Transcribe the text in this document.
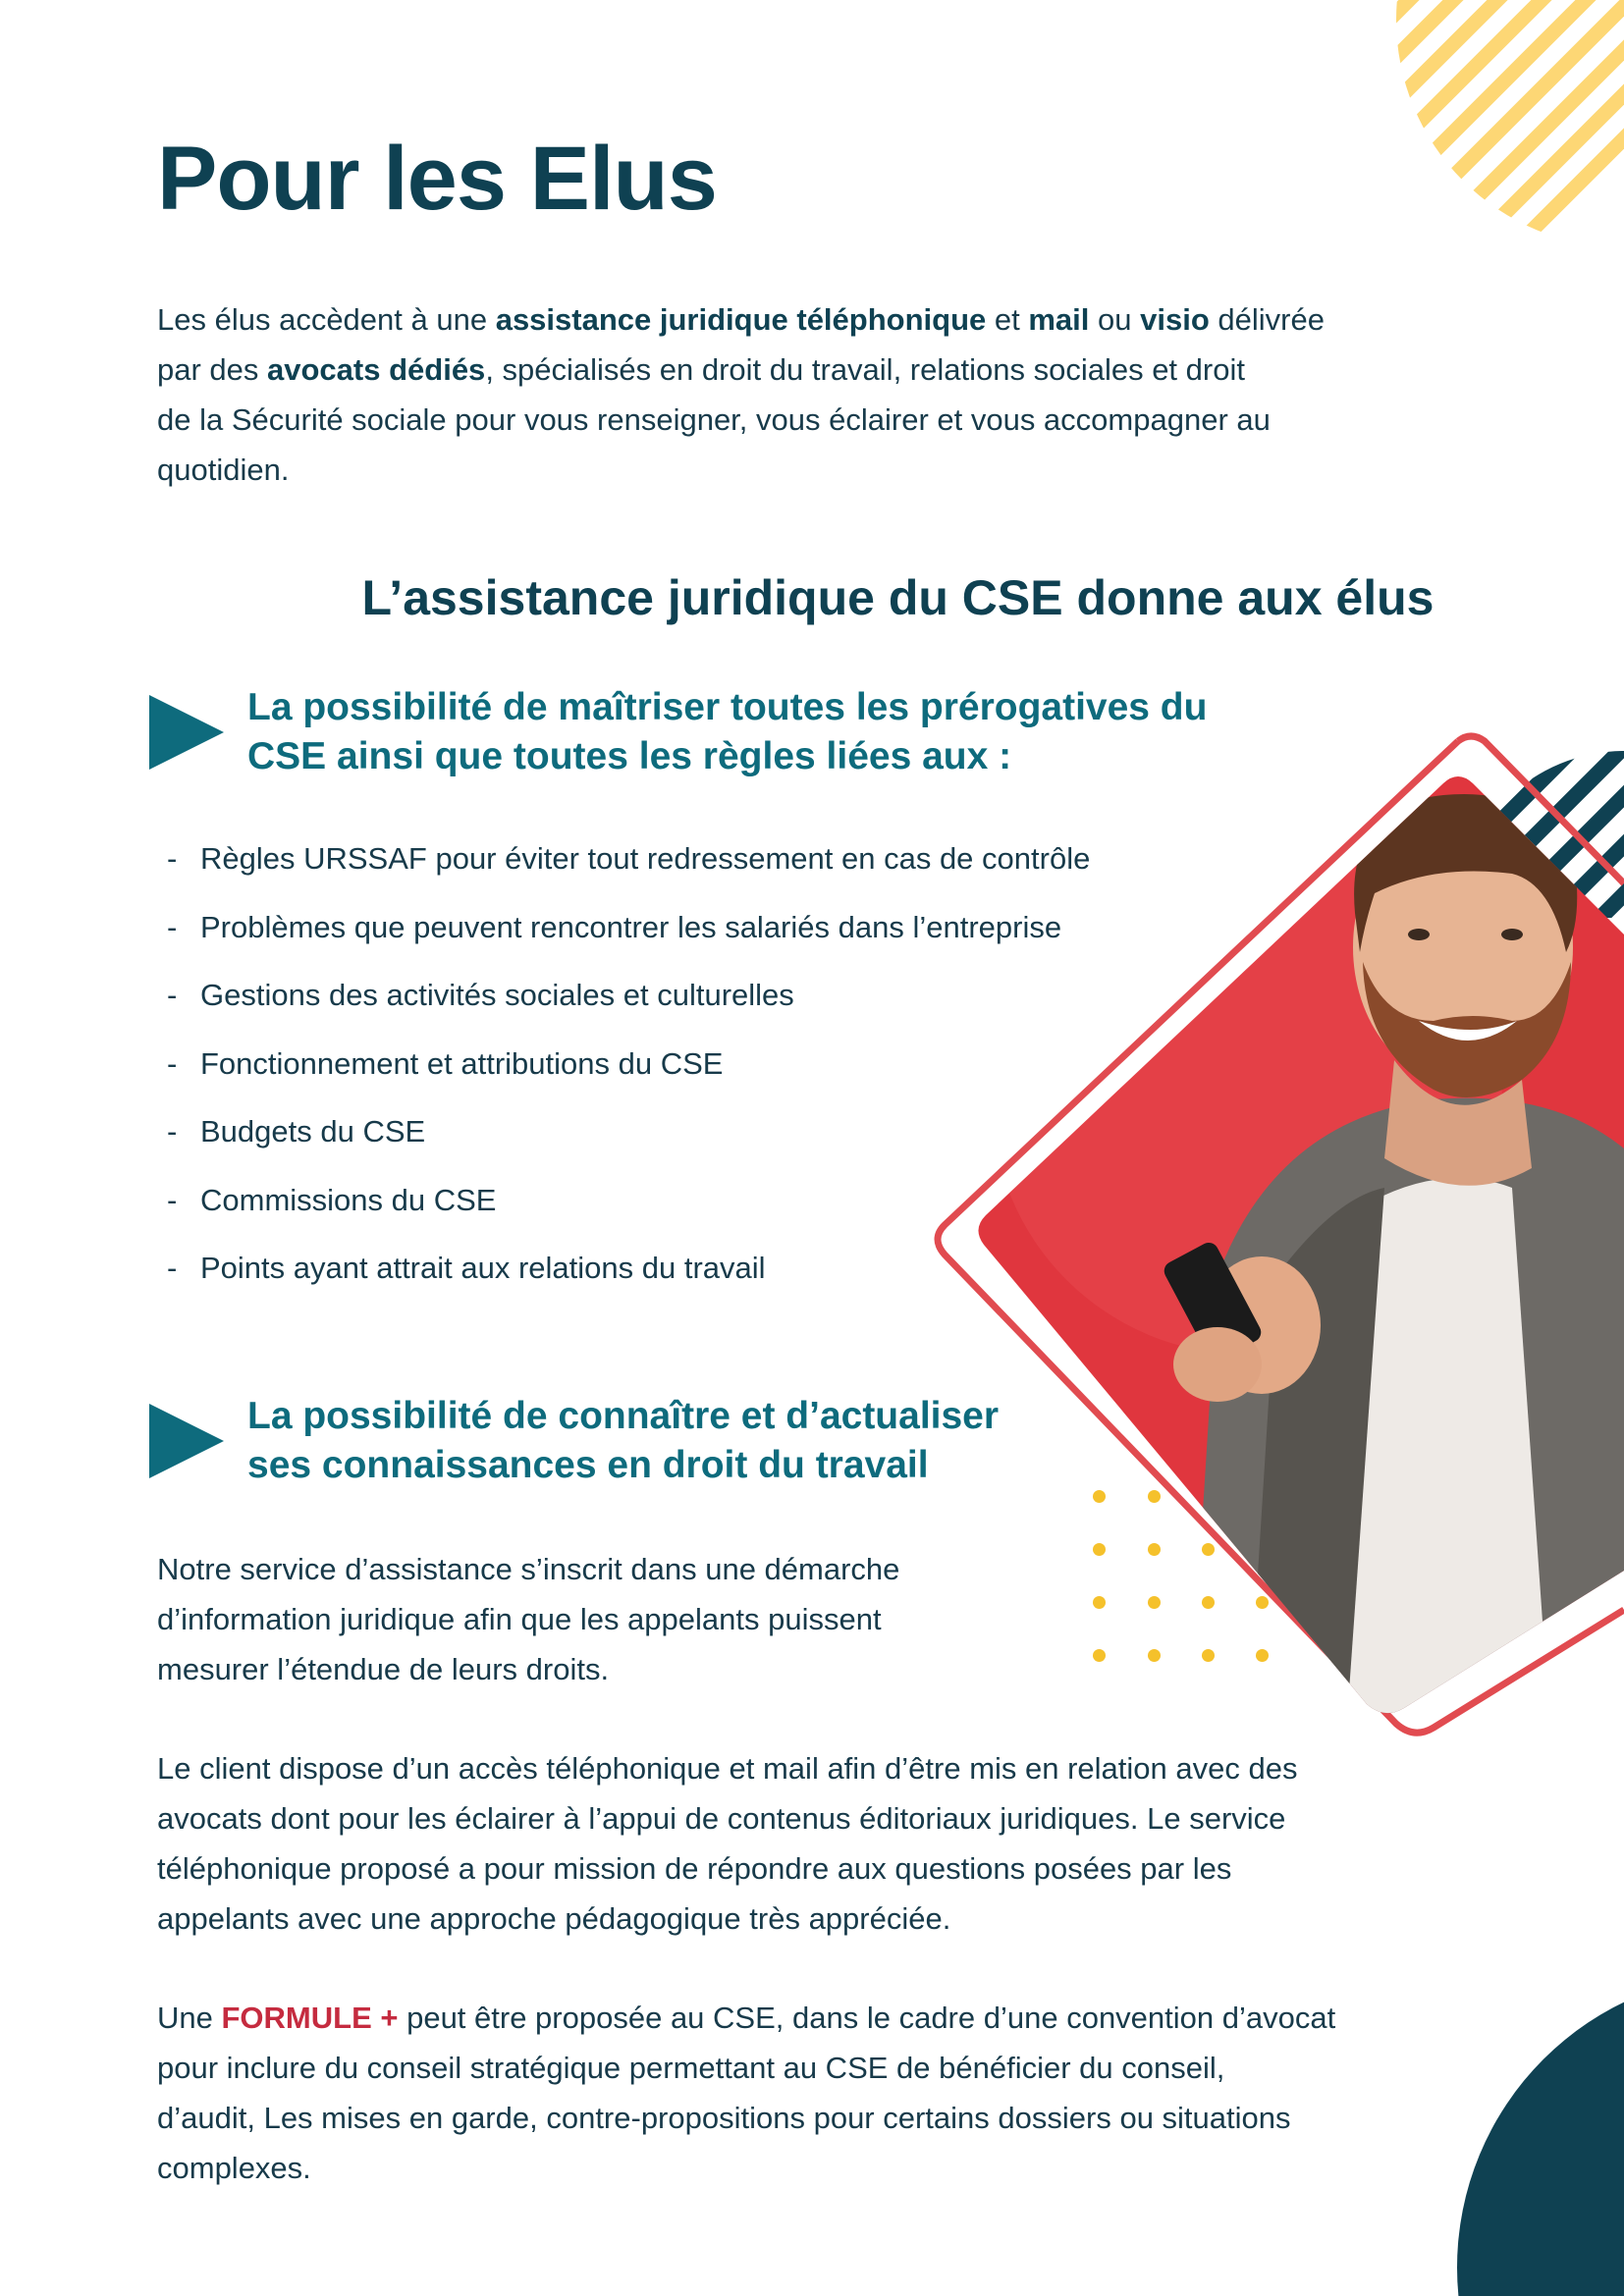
Pour les Elus

Les élus accèdent à une assistance juridique téléphonique et mail ou visio délivrée
par des avocats dédiés, spécialisés en droit du travail, relations sociales et droit
de la Sécurité sociale pour vous renseigner, vous éclairer et vous accompagner au
quotidien.

L’assistance juridique du CSE donne aux élus
La possibilité de maîtriser toutes les prérogatives du
CSE ainsi que toutes les règles liées aux :
- Règles URSSAF pour éviter tout redressement en cas de contrôle
- Problèmes que peuvent rencontrer les salariés dans l’entreprise
- Gestions des activités sociales et culturelles
- Fonctionnement et attributions du CSE
- Budgets du CSE
- Commissions du CSE
- Points ayant attrait aux relations du travail
La possibilité de connaître et d’actualiser
ses connaissances en droit du travail

Notre service d’assistance s’inscrit dans une démarche
d’information juridique afin que les appelants puissent
mesurer l’étendue de leurs droits.

Le client dispose d’un accès téléphonique et mail afin d’être mis en relation avec des
avocats dont pour les éclairer à l’appui de contenus éditoriaux juridiques. Le service
téléphonique proposé a pour mission de répondre aux questions posées par les
appelants avec une approche pédagogique très appréciée.

Une FORMULE + peut être proposée au CSE, dans le cadre d’une convention d’avocat
pour inclure du conseil stratégique permettant au CSE de bénéficier du conseil,
d’audit, Les mises en garde, contre-propositions pour certains dossiers ou situations
complexes.
